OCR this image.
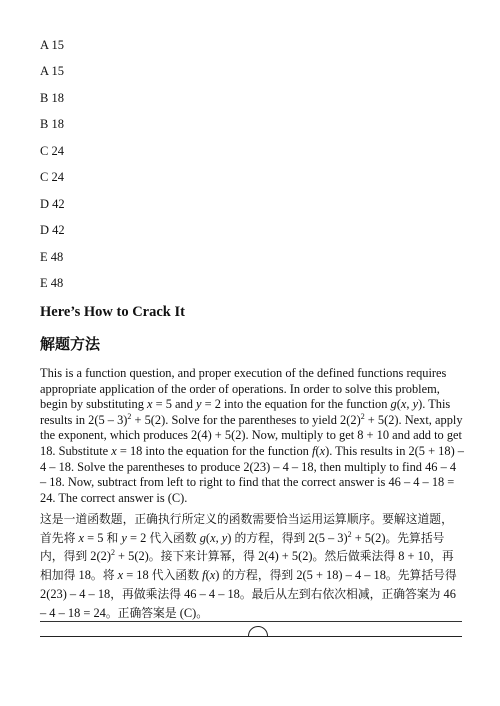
A 15
A 15
B 18
B 18
C 24
C 24
D 42
D 42
E 48
E 48
Here’s How to Crack It
解题方法
This is a function question, and proper execution of the defined functions requires appropriate application of the order of operations. In order to solve this problem, begin by substituting x = 5 and y = 2 into the equation for the function g(x, y). This results in 2(5 – 3)$^2$ + 5(2). Solve for the parentheses to yield $2(2)^2 + 5(2)$. Next, apply the exponent, which produces 2(4) + 5(2). Now, multiply to get 8 + 10 and add to get 18. Substitute x = 18 into the equation for the function f(x). This results in 2(5 + 18) – 4 – 18. Solve the parentheses to produce 2(23) – 4 – 18, then multiply to find 46 – 4 – 18. Now, subtract from left to right to find that the correct answer is 46 – 4 – 18 = 24. The correct answer is (C).
这是一道函数题，正确执行所定义的函数需要恰当运用运算顺序。要解这道题，首先将 x = 5 和 y = 2 代入函数 g(x, y) 的方程，得到 2(5 – 3)$^2$ + 5(2)。先算括号内，得到 $2(2)^2 + 5(2)$。接下来计算幂，得 2(4) + 5(2)。然后做乘法得 8 + 10，再相加得 18。将 x = 18 代入函数 f(x) 的方程，得到 2(5 + 18) – 4 – 18。先算括号得 2(23) – 4 – 18，再做乘法得 46 – 4 – 18。最后从左到右依次相减，正确答案为 46 – 4 – 18 = 24。正确答案是 (C)。
